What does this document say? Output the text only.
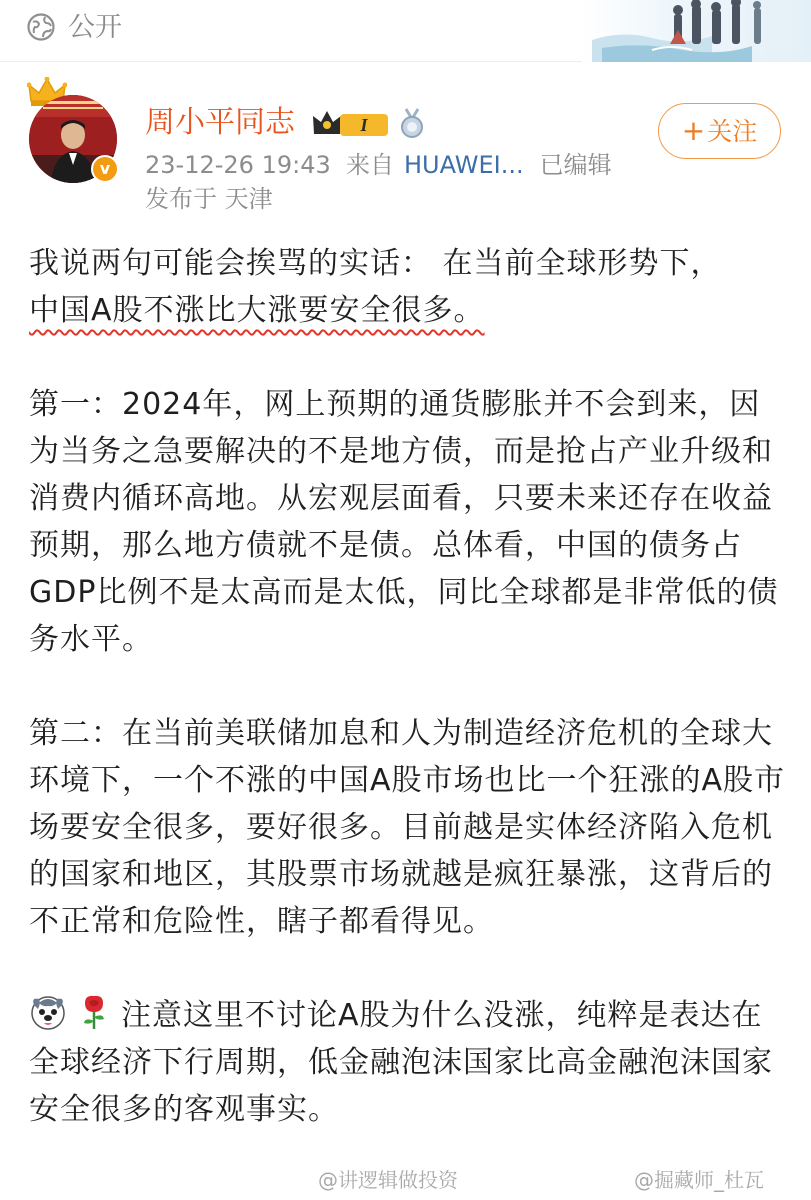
公开
v
周小平同志	I
23-12-26 19:43 来自 HUAWEI... 已编辑
发布于 天津
+关注

我说两句可能会挨骂的实话： 在当前全球形势下，

中国A股不涨比大涨要安全很多。

第一：2024年，网上预期的通货膨胀并不会到来，因为当务之急要解决的不是地方债，而是抢占产业升级和消费内循环高地。从宏观层面看，只要未来还存在收益预期，那么地方债就不是债。总体看，中国的债务占GDP比例不是太高而是太低，同比全球都是非常低的债务水平。

第二：在当前美联储加息和人为制造经济危机的全球大环境下，一个不涨的中国A股市场也比一个狂涨的A股市场要安全很多，要好很多。目前越是实体经济陷入危机的国家和地区，其股票市场就越是疯狂暴涨，这背后的不正常和危险性，瞎子都看得见。

注意这里不讨论A股为什么没涨，纯粹是表达在全球经济下行周期，低金融泡沫国家比高金融泡沫国家安全很多的客观事实。

@讲逻辑做投资	@掘藏师_杜瓦
